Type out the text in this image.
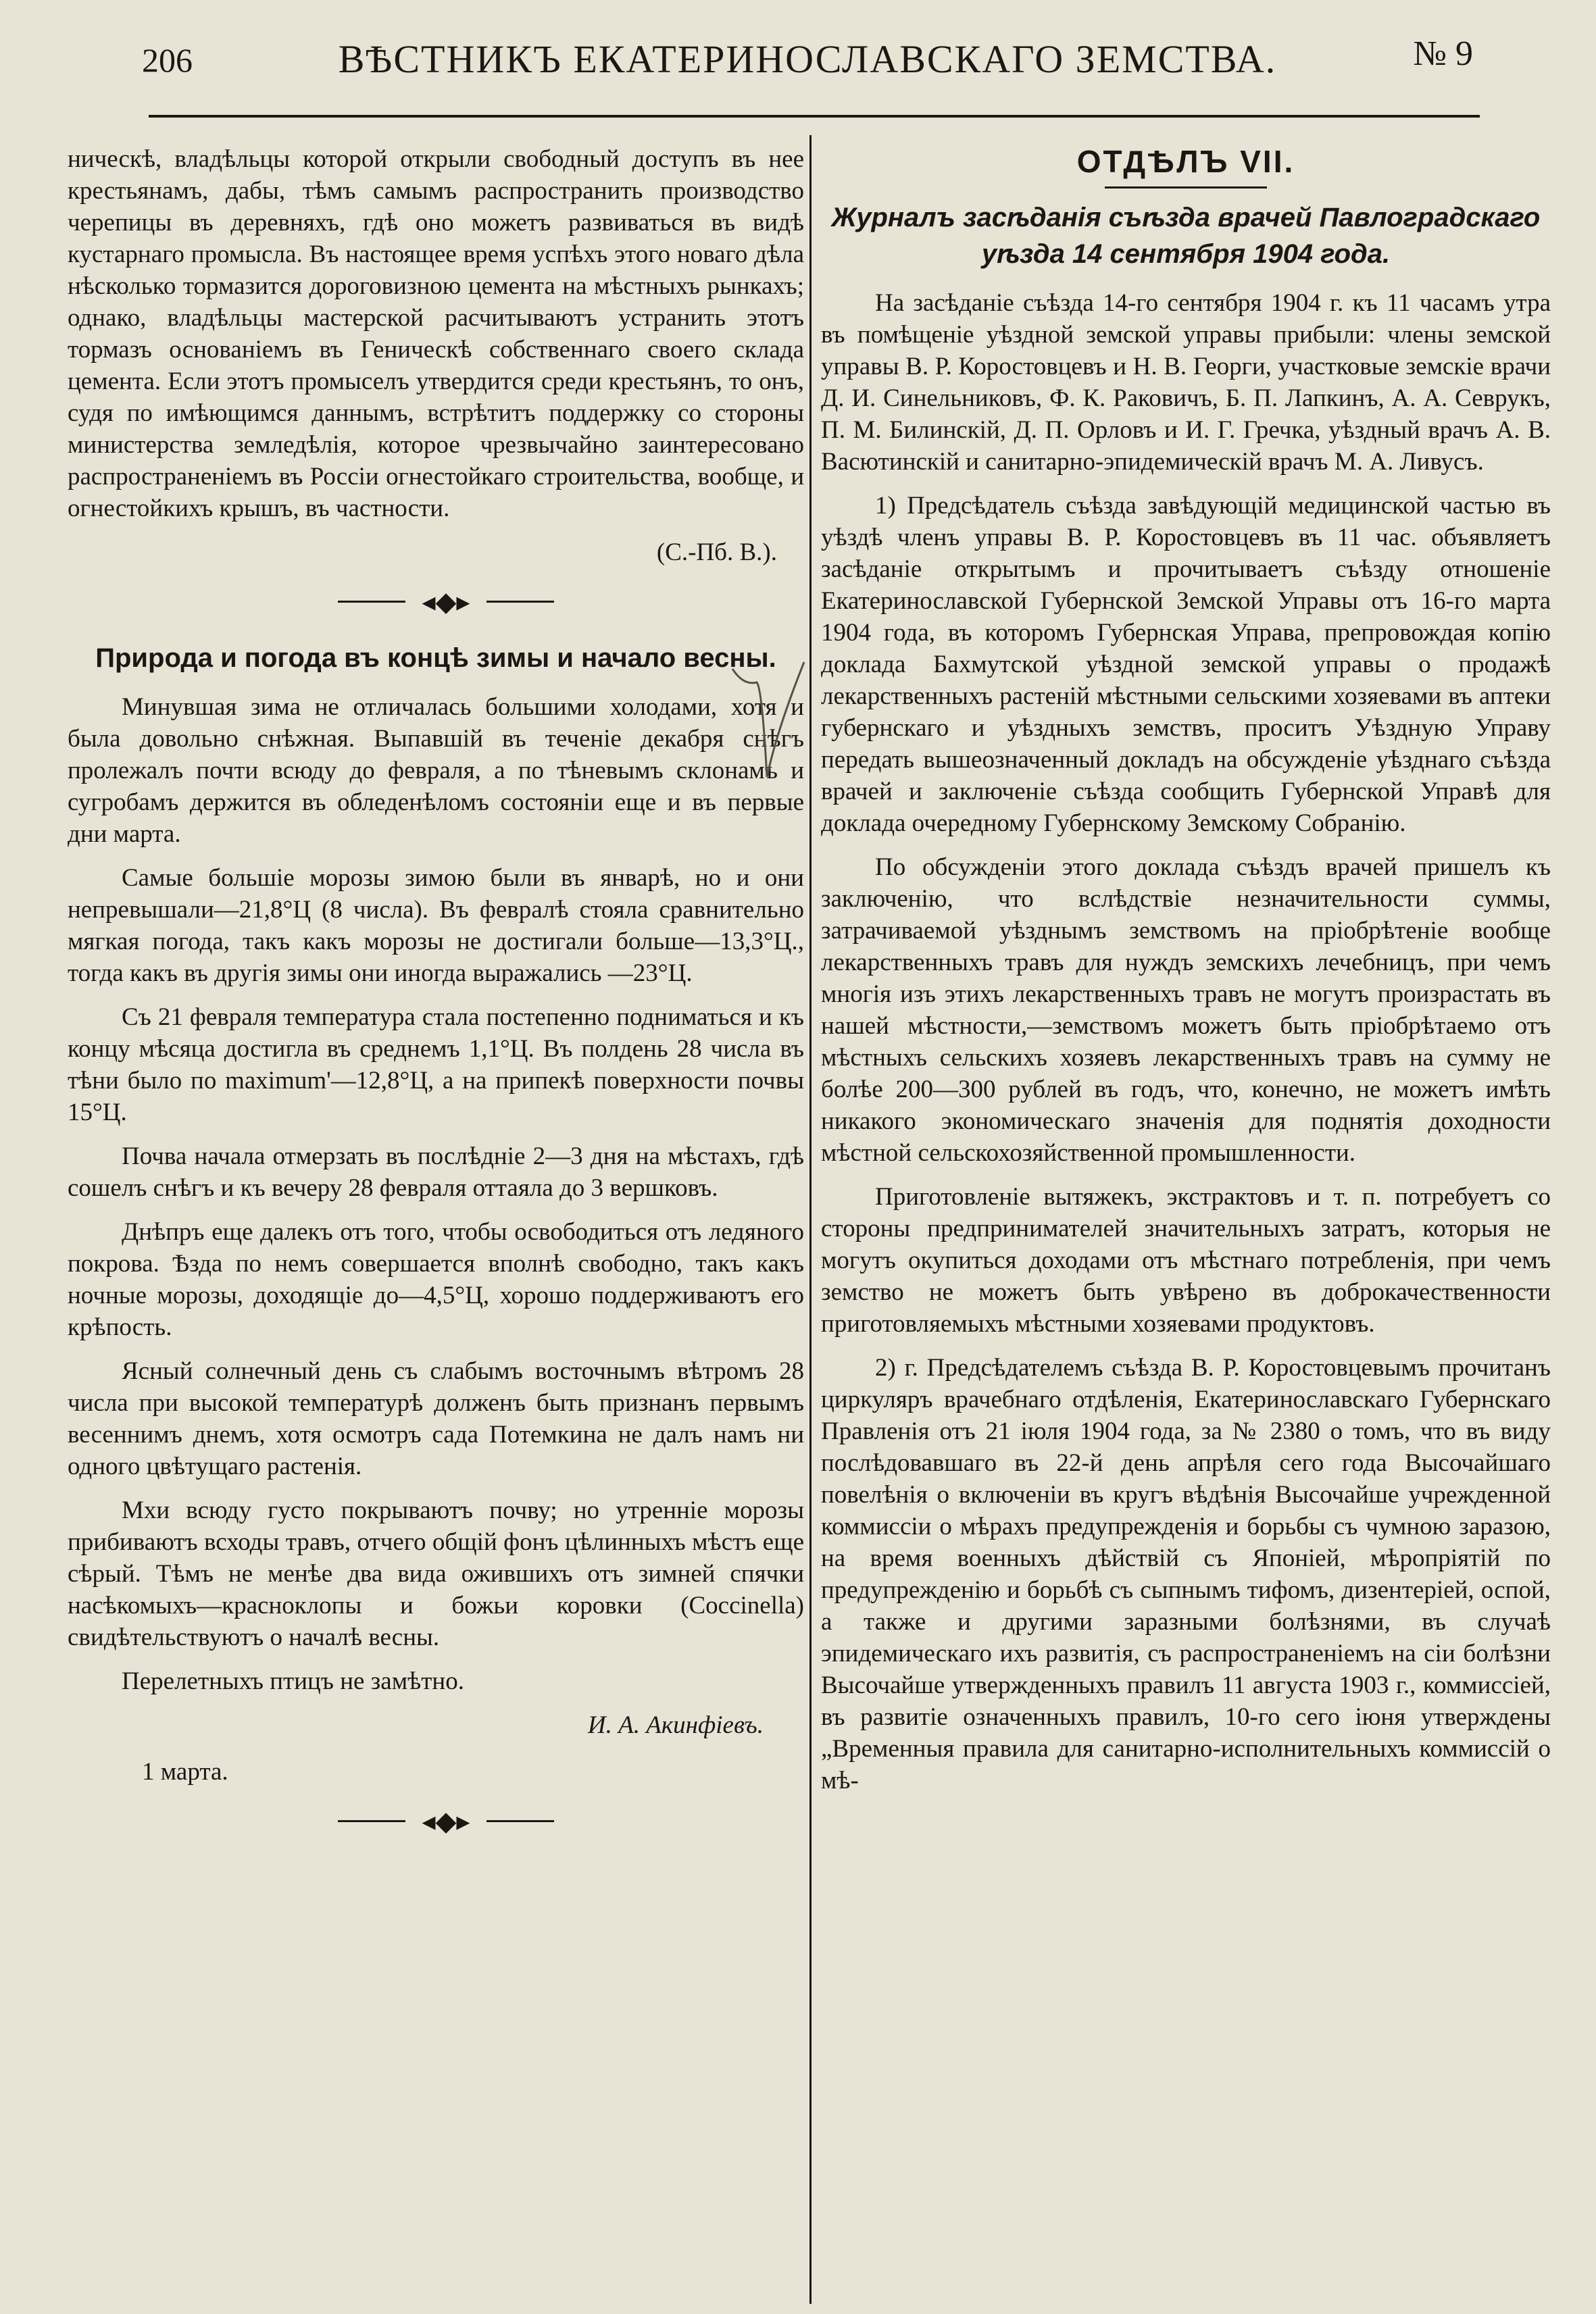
206	ВѢСТНИКЪ ЕКАТЕРИНОСЛАВСКАГО ЗЕМСТВА.	№ 9

ническѣ, владѣльцы которой открыли свободный доступъ въ нее крестьянамъ, дабы, тѣмъ самымъ распространить производство черепицы въ деревняхъ, гдѣ оно можетъ развиваться въ видѣ кустарнаго промысла. Въ настоящее время успѣхъ этого новаго дѣла нѣсколько тормазится дороговизною цемента на мѣстныхъ рынкахъ; однако, владѣльцы мастерской расчитываютъ устранить этотъ тормазъ основаніемъ въ Геническѣ собственнаго своего склада цемента. Если этотъ промыселъ утвердится среди крестьянъ, то онъ, судя по имѣющимся даннымъ, встрѣтитъ поддержку со стороны министерства земледѣлія, которое чрезвычайно заинтересовано распространеніемъ въ Россіи огнестойкаго строительства, вообще, и огнестойкихъ крышъ, въ частности.

(С.-Пб. В.).

◂◆▸
Природа и погода въ концѣ зимы и начало весны.

Минувшая зима не отличалась большими холодами, хотя и была довольно снѣжная. Выпавшій въ теченіе декабря снѣгъ пролежалъ почти всюду до февраля, а по тѣневымъ склонамъ и сугробамъ держится въ обледенѣломъ состояніи еще и въ первые дни марта.

Самые большіе морозы зимою были въ январѣ, но и они непревышали—21,8°Ц (8 числа). Въ февралѣ стояла сравнительно мягкая погода, такъ какъ морозы не достигали больше—13,3°Ц., тогда какъ въ другія зимы они иногда выражались —23°Ц.

Съ 21 февраля температура стала постепенно подниматься и къ концу мѣсяца достигла въ среднемъ 1,1°Ц. Въ полдень 28 числа въ тѣни было по maximum'—12,8°Ц, а на припекѣ поверхности почвы 15°Ц.

Почва начала отмерзать въ послѣдніе 2—3 дня на мѣстахъ, гдѣ сошелъ снѣгъ и къ вечеру 28 февраля оттаяла до 3 вершковъ.

Днѣпръ еще далекъ отъ того, чтобы освободиться отъ ледяного покрова. Ѣзда по немъ совершается вполнѣ свободно, такъ какъ ночные морозы, доходящіе до—4,5°Ц, хорошо поддерживаютъ его крѣпость.

Ясный солнечный день съ слабымъ восточнымъ вѣтромъ 28 числа при высокой температурѣ долженъ быть признанъ первымъ весеннимъ днемъ, хотя осмотръ сада Потемкина не далъ намъ ни одного цвѣтущаго растенія.

Мхи всюду густо покрываютъ почву; но утренніе морозы прибиваютъ всходы травъ, отчего общій фонъ цѣлинныхъ мѣстъ еще сѣрый. Тѣмъ не менѣе два вида ожившихъ отъ зимней спячки насѣкомыхъ—красноклопы и божьи коровки (Coccinella) свидѣтельствуютъ о началѣ весны.

Перелетныхъ птицъ не замѣтно.

И. А. Акинфіевъ.

1 марта.

◂◆▸
ОТДѢЛЪ VII.
Журналъ засѣданія съѣзда врачей Павлоградскаго уѣзда 14 сентября 1904 года.

На засѣданіе съѣзда 14-го сентября 1904 г. къ 11 часамъ утра въ помѣщеніе уѣздной земской управы прибыли: члены земской управы В. Р. Коростовцевъ и Н. В. Георги, участковые земскіе врачи Д. И. Синельниковъ, Ф. К. Раковичъ, Б. П. Лапкинъ, А. А. Севрукъ, П. М. Билинскій, Д. П. Орловъ и И. Г. Гречка, уѣздный врачъ А. В. Васютинскій и санитарно-эпидемическій врачъ М. А. Ливусъ.

1) Предсѣдатель съѣзда завѣдующій медицинской частью въ уѣздѣ членъ управы В. Р. Коростовцевъ въ 11 час. объявляетъ засѣданіе открытымъ и прочитываетъ съѣзду отношеніе Екатеринославской Губернской Земской Управы отъ 16-го марта 1904 года, въ которомъ Губернская Управа, препровождая копію доклада Бахмутской уѣздной земской управы о продажѣ лекарственныхъ растеній мѣстными сельскими хозяевами въ аптеки губернскаго и уѣздныхъ земствъ, проситъ Уѣздную Управу передать вышеозначенный докладъ на обсужденіе уѣзднаго съѣзда врачей и заключеніе съѣзда сообщить Губернской Управѣ для доклада очередному Губернскому Земскому Собранію.

По обсужденіи этого доклада съѣздъ врачей пришелъ къ заключенію, что вслѣдствіе незначительности суммы, затрачиваемой уѣзднымъ земствомъ на пріобрѣтеніе вообще лекарственныхъ травъ для нуждъ земскихъ лечебницъ, при чемъ многія изъ этихъ лекарственныхъ травъ не могутъ произрастать въ нашей мѣстности,—земствомъ можетъ быть пріобрѣтаемо отъ мѣстныхъ сельскихъ хозяевъ лекарственныхъ травъ на сумму не болѣе 200—300 рублей въ годъ, что, конечно, не можетъ имѣть никакого экономическаго значенія для поднятія доходности мѣстной сельскохозяйственной промышленности.

Приготовленіе вытяжекъ, экстрактовъ и т. п. потребуетъ со стороны предпринимателей значительныхъ затратъ, которыя не могутъ окупиться доходами отъ мѣстнаго потребленія, при чемъ земство не можетъ быть увѣрено въ доброкачественности приготовляемыхъ мѣстными хозяевами продуктовъ.

2) г. Предсѣдателемъ съѣзда В. Р. Коростовцевымъ прочитанъ циркуляръ врачебнаго отдѣленія, Екатеринославскаго Губернскаго Правленія отъ 21 іюля 1904 года, за № 2380 о томъ, что въ виду послѣдовавшаго въ 22-й день апрѣля сего года Высочайшаго повелѣнія о включеніи въ кругъ вѣдѣнія Высочайше учрежденной коммиссіи о мѣрахъ предупрежденія и борьбы съ чумною заразою, на время военныхъ дѣйствій съ Японіей, мѣропріятій по предупрежденію и борьбѣ съ сыпнымъ тифомъ, дизентеріей, оспой, а также и другими заразными болѣзнями, въ случаѣ эпидемическаго ихъ развитія, съ распространеніемъ на сіи болѣзни Высочайше утвержденныхъ правилъ 11 августа 1903 г., коммиссіей, въ развитіе означенныхъ правилъ, 10-го сего іюня утверждены „Временныя правила для санитарно-исполнительныхъ коммиссій о мѣ-
